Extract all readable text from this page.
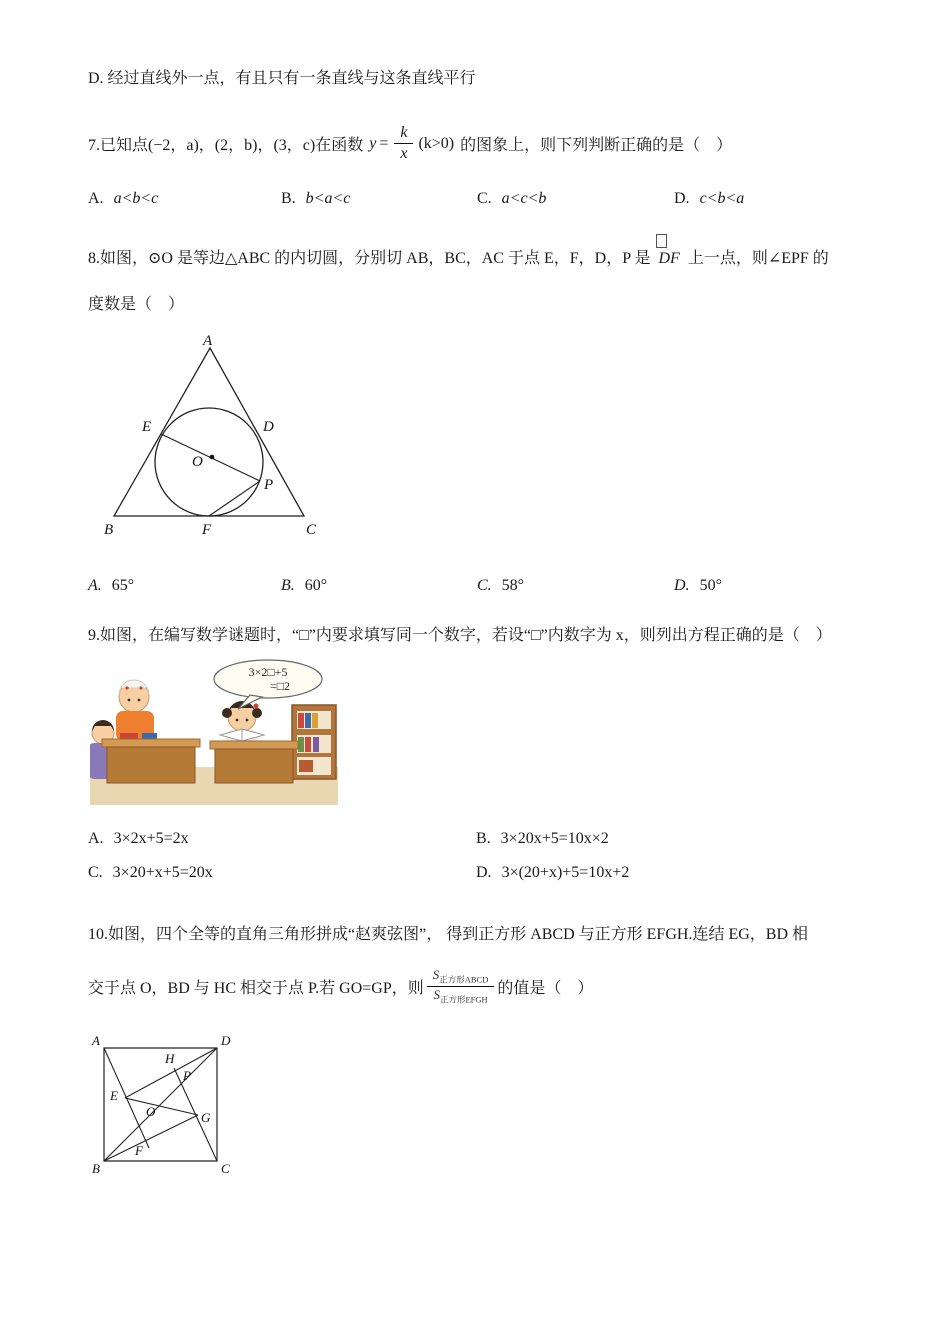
D. 经过直线外一点，有且只有一条直线与这条直线平行
7.已知点(−2，a)，(2，b)，(3，c)在函数 $y = \frac{k}{x} (k>0)$ 的图象上，则下列判断正确的是（　）
A. a<b<c	B. b<a<c	C. a<c<b	D. c<b<a
8.如图，⊙O 是等边△ABC 的内切圆，分别切 AB，BC，AC 于点 E，F，D，P 是 DF 上一点，则∠EPF 的
度数是（　）
A
E	D
O
P
B	F	C
A. 65°	B. 60°	C. 58°	D. 50°
9.如图，在编写数学谜题时，“□”内要求填写同一个数字，若设“□”内数字为 x，则列出方程正确的是（　）
3×2□+5
=□2
A. 3×2x+5=2x	B. 3×20x+5=10x×2
C. 3×20+x+5=20x	D. 3×(20+x)+5=10x+2
10.如图，四个全等的直角三角形拼成“赵爽弦图”， 得到正方形 ABCD 与正方形 EFGH.连结 EG，BD 相
交于点 O，BD 与 HC 相交于点 P.若 GO=GP，则 $\frac{S_{正方形ABCD}}{S_{正方形EFGH}}$ 的值是（　）
A	D
B	C
H
E
P
O	G
F
